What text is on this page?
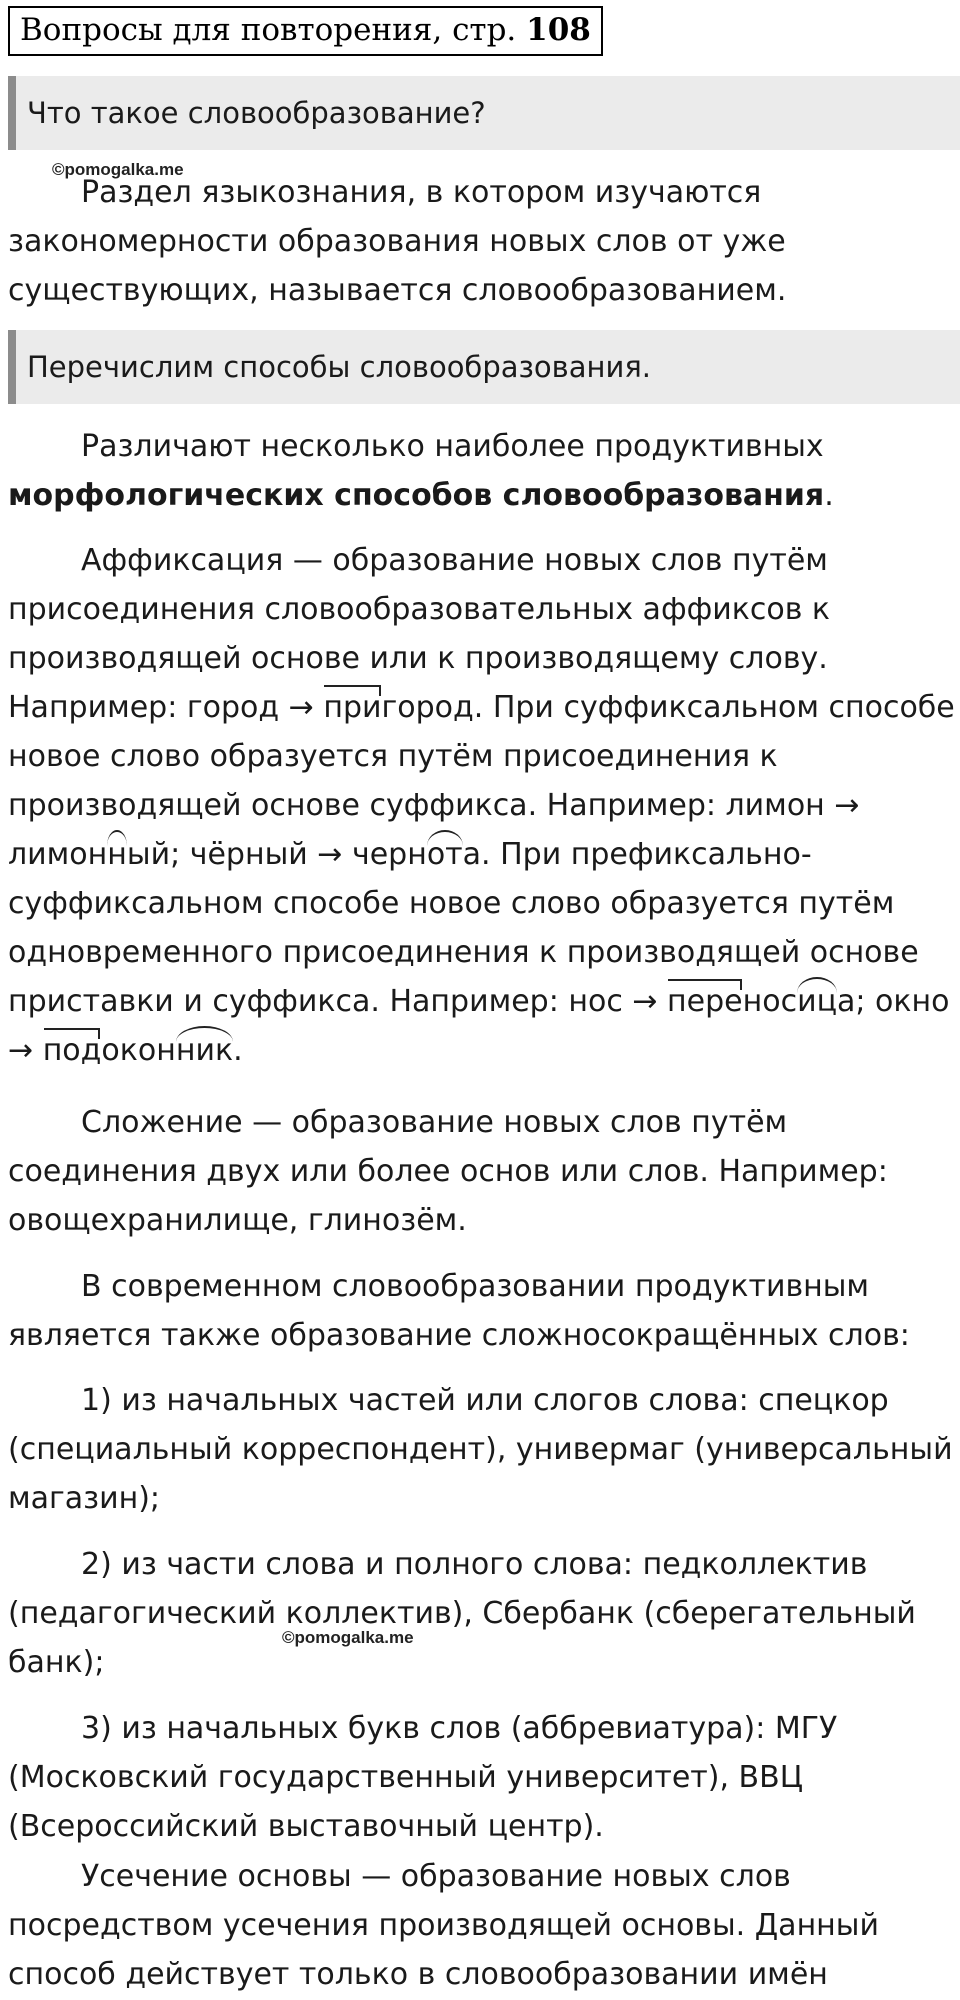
Вопросы для повторения, стр. 108
Что такое словообразование?
©pomogalka.me
Раздел языкознания, в котором изучаются
закономерности образования новых слов от уже
существующих, называется словообразованием.
Перечислим способы словообразования.
Различают несколько наиболее продуктивных
морфологических способов словообразования.
Аффиксация — образование новых слов путём
присоединения словообразовательных аффиксов к
производящей основе или к производящему слову.
Например: город → пригород. При суффиксальном способе
новое слово образуется путём присоединения к
производящей основе суффикса. Например: лимон →
лимонный; чёрный → чернота. При префиксально-
суффиксальном способе новое слово образуется путём
одновременного присоединения к производящей основе
приставки и суффикса. Например: нос → переносица; окно
→ подоконник.
Сложение — образование новых слов путём
соединения двух или более основ или слов. Например:
овощехранилище, глинозём.
В современном словообразовании продуктивным
является также образование сложносокращённых слов:
1) из начальных частей или слогов слова: спецкор
(специальный корреспондент), универмаг (универсальный
магазин);
2) из части слова и полного слова: педколлектив
(педагогический коллектив), Сбербанк (сберегательный
банк);
©pomogalka.me
3) из начальных букв слов (аббревиатура): МГУ
(Московский государственный университет), ВВЦ
(Всероссийский выставочный центр).
Усечение основы — образование новых слов
посредством усечения производящей основы. Данный
способ действует только в словообразовании имён
